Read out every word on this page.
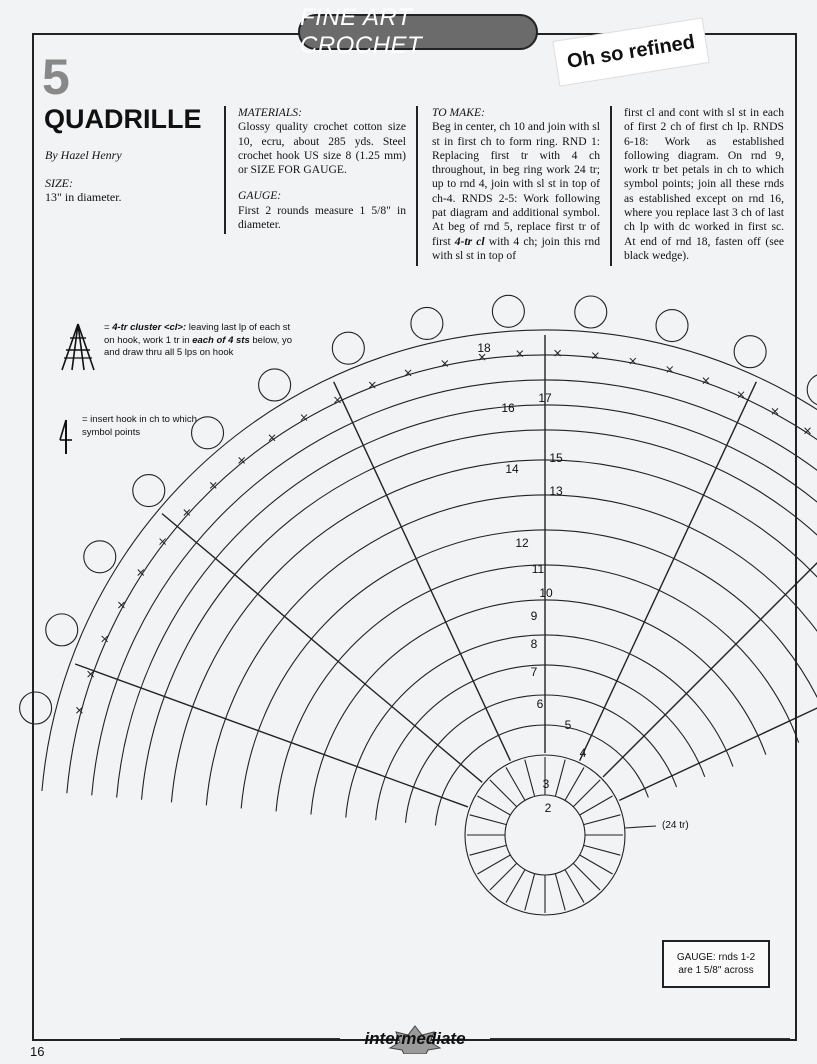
FINE ART CROCHET	Oh so refined
5
QUADRILLE
By Hazel Henry
SIZE:
13" in diameter.
MATERIALS:
Glossy quality crochet cotton size 10, ecru, about 285 yds. Steel crochet hook US size 8 (1.25 mm) or SIZE FOR GAUGE.
GAUGE:
First 2 rounds measure 1 5/8" in diameter.
TO MAKE:
Beg in center, ch 10 and join with sl st in first ch to form ring. RND 1: Replacing first tr with 4 ch throughout, in beg ring work 24 tr; up to rnd 4, join with sl st in top of ch-4. RNDS 2-5: Work following pat diagram and additional symbol. At beg of rnd 5, replace first tr of first 4-tr cl with 4 ch; join this rnd with sl st in top of
first cl and cont with sl st in each of first 2 ch of first ch lp. RNDS 6-18: Work as established following diagram. On rnd 9, work tr bet petals in ch to which symbol points; join all these rnds as established except on rnd 16, where you replace last 3 ch of last ch lp with dc worked in first sc. At end of rnd 18, fasten off (see black wedge).
= 4-tr cluster <cl>: leaving last lp of each st on hook, work 1 tr in each of 4 sts below, yo and draw thru all 5 lps on hook
= insert hook in ch to which symbol points
2
3
4
5
6
7
8
9
10
11
12
13
14
15
16
17
18
(24 tr)
GAUGE: rnds 1-2
are 1 5/8" across
intermediate
16
